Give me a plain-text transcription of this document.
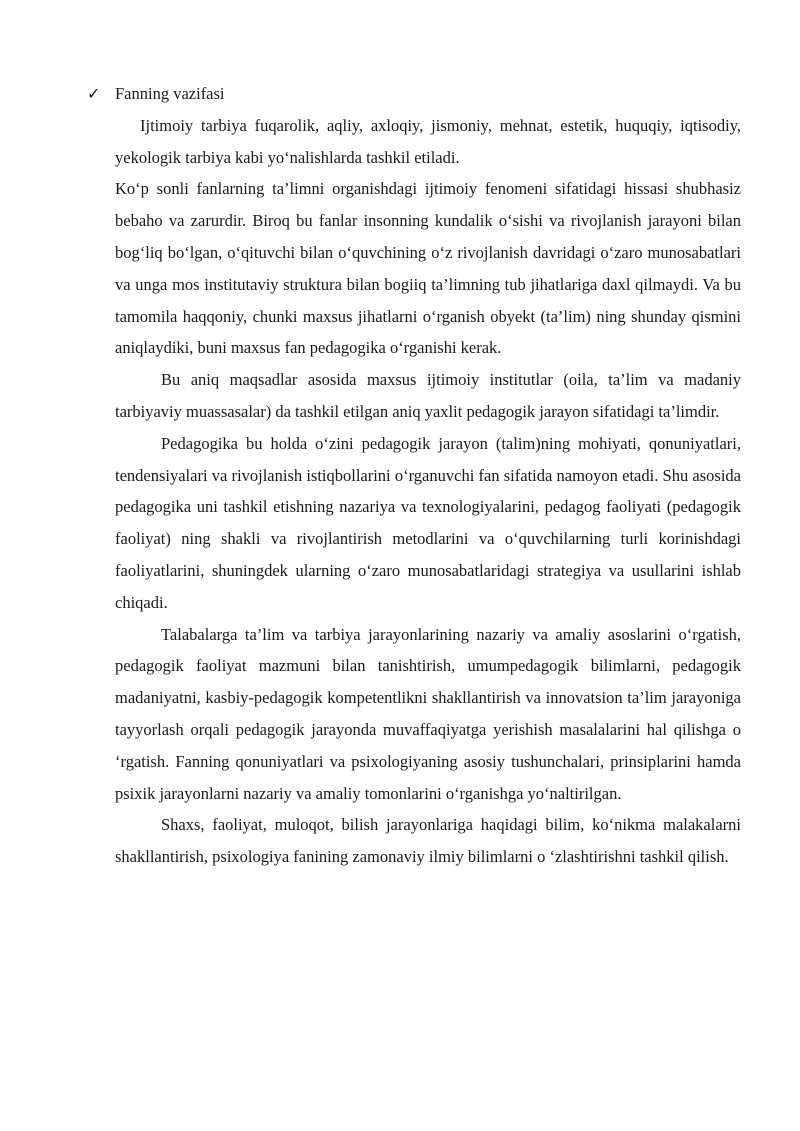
✓ Fanning vazifasi

Ijtimoiy tarbiya fuqarolik, aqliy, axloqiy, jismoniy, mehnat, estetik, huquqiy, iqtisodiy, yekologik tarbiya kabi yo‘nalishlarda tashkil etiladi.

Ko‘p sonli fanlarning ta’limni organishdagi ijtimoiy fenomeni sifatidagi hissasi shubhasiz bebaho va zarurdir. Biroq bu fanlar insonning kundalik o‘sishi va rivojlanish jarayoni bilan bog‘liq bo‘lgan, o‘qituvchi bilan o‘quvchining o‘z rivojlanish davridagi o‘zaro munosabatlari va unga mos institutaviy struktura bilan bogiiq ta’limning tub jihatlariga daxl qilmaydi. Va bu tamomila haqqoniy, chunki maxsus jihatlarni o‘rganish obyekt (ta’lim) ning shunday qismini aniqlaydiki, buni maxsus fan pedagogika o‘rganishi kerak.

Bu aniq maqsadlar asosida maxsus ijtimoiy institutlar (oila, ta’lim va madaniy tarbiyaviy muassasalar) da tashkil etilgan aniq yaxlit pedagogik jarayon sifatidagi ta’limdir.

Pedagogika bu holda o‘zini pedagogik jarayon (talim)ning mohiyati, qonuniyatlari, tendensiyalari va rivojlanish istiqbollarini o‘rganuvchi fan sifatida namoyon etadi. Shu asosida pedagogika uni tashkil etishning nazariya va texnologiyalarini, pedagog faoliyati (pedagogik faoliyat) ning shakli va rivojlantirish metodlarini va o‘quvchilarning turli korinishdagi faoliyatlarini, shuningdek ularning o‘zaro munosabatlaridagi strategiya va usullarini ishlab chiqadi.

Talabalarga ta’lim va tarbiya jarayonlarining nazariy va amaliy asoslarini o‘rgatish, pedagogik faoliyat mazmuni bilan tanishtirish, umumpedagogik bilimlarni, pedagogik madaniyatni, kasbiy-pedagogik kompetentlikni shakllantirish va innovatsion ta’lim jarayoniga tayyorlash orqali pedagogik jarayonda muvaffaqiyatga yerishish masalalarini hal qilishga o ‘rgatish. Fanning qonuniyatlari va psixologiyaning asosiy tushunchalari, prinsiplarini hamda psixik jarayonlarni nazariy va amaliy tomonlarini o‘rganishga yo‘naltirilgan.

Shaxs, faoliyat, muloqot, bilish jarayonlariga haqidagi bilim, ko‘nikma malakalarni shakllantirish, psixologiya fanining zamonaviy ilmiy bilimlarni o ‘zlashtirishni tashkil qilish.
